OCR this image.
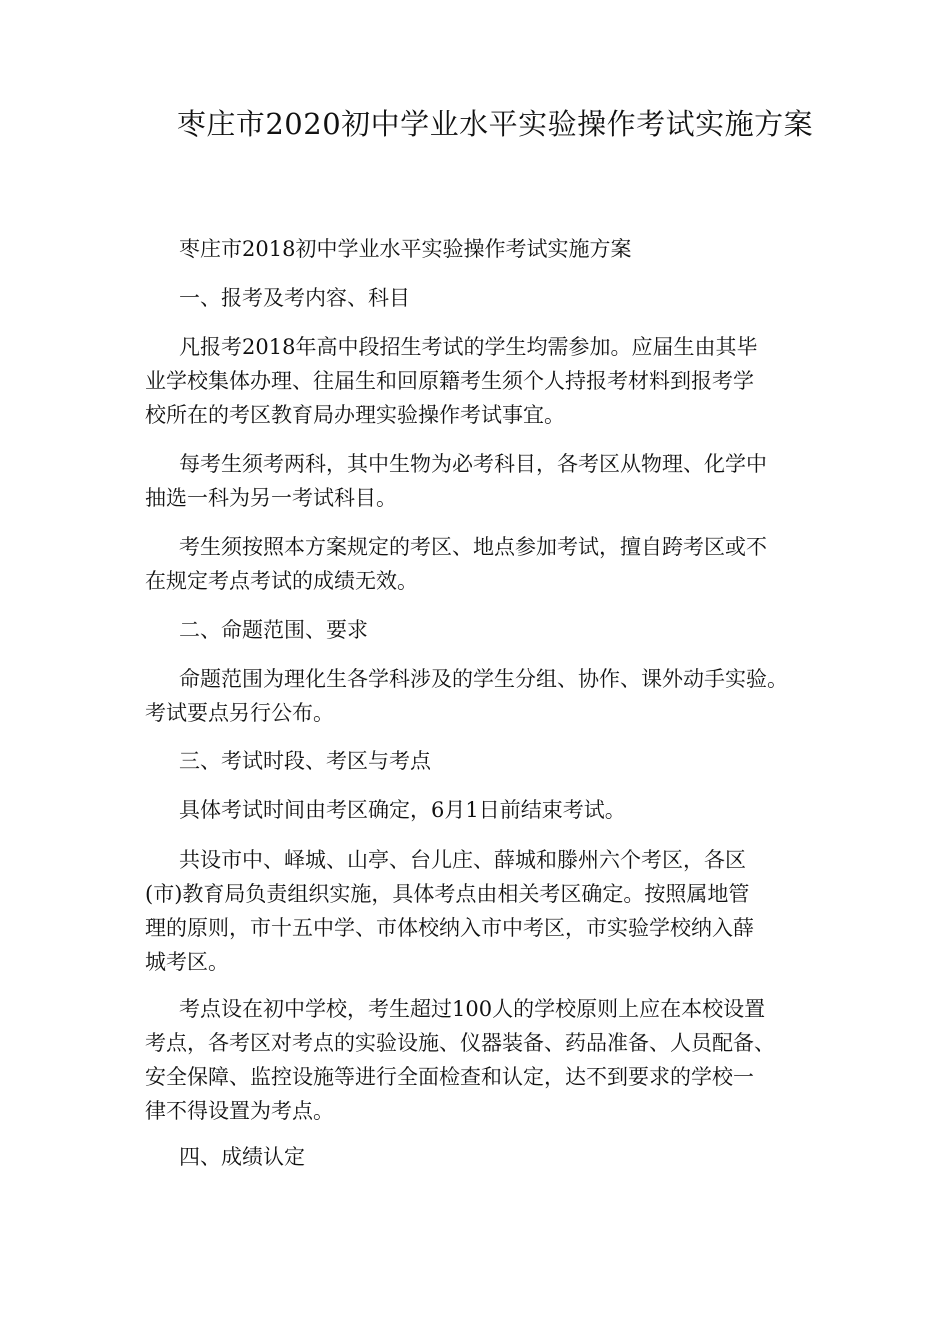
枣庄市2020初中学业水平实验操作考试实施方案

枣庄市2018初中学业水平实验操作考试实施方案

一、报考及考内容、科目

凡报考2018年高中段招生考试的学生均需参加。应届生由其毕
业学校集体办理、往届生和回原籍考生须个人持报考材料到报考学
校所在的考区教育局办理实验操作考试事宜。

每考生须考两科，其中生物为必考科目，各考区从物理、化学中
抽选一科为另一考试科目。

考生须按照本方案规定的考区、地点参加考试，擅自跨考区或不
在规定考点考试的成绩无效。

二、命题范围、要求

命题范围为理化生各学科涉及的学生分组、协作、课外动手实验。
考试要点另行公布。

三、考试时段、考区与考点

具体考试时间由考区确定，6月1日前结束考试。

共设市中、峄城、山亭、台儿庄、薛城和滕州六个考区，各区
(市)教育局负责组织实施，具体考点由相关考区确定。按照属地管
理的原则，市十五中学、市体校纳入市中考区，市实验学校纳入薛
城考区。

考点设在初中学校，考生超过100人的学校原则上应在本校设置
考点，各考区对考点的实验设施、仪器装备、药品准备、人员配备、
安全保障、监控设施等进行全面检查和认定，达不到要求的学校一
律不得设置为考点。

四、成绩认定
